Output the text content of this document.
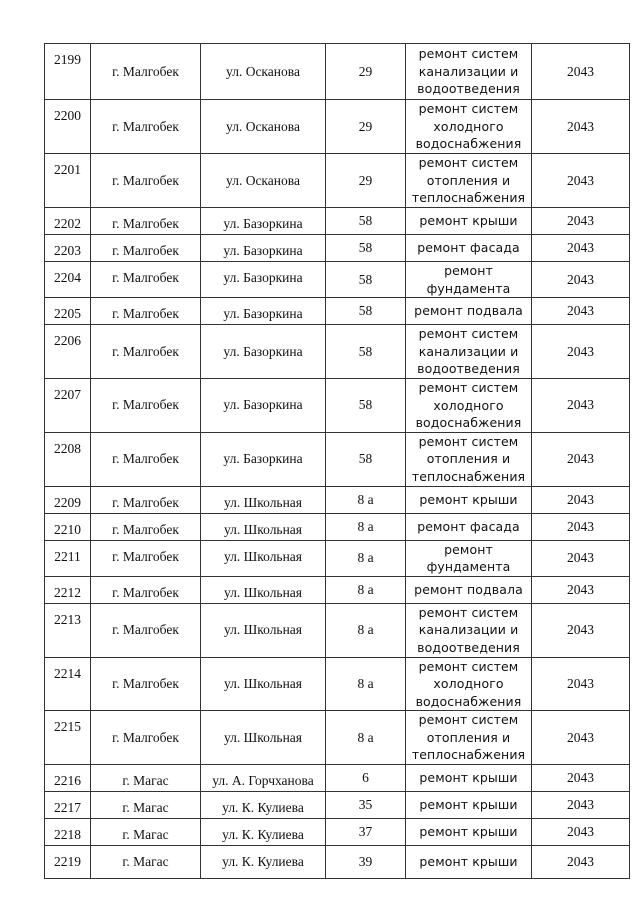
2199	г. Малгобек	ул. Осканова	29	ремонт систем канализации и водоотведения	2043
2200	г. Малгобек	ул. Осканова	29	ремонт систем холодного водоснабжения	2043
2201	г. Малгобек	ул. Осканова	29	ремонт систем отопления и теплоснабжения	2043
2202	г. Малгобек	ул. Базоркина	58	ремонт крыши	2043
2203	г. Малгобек	ул. Базоркина	58	ремонт фасада	2043
2204	г. Малгобек	ул. Базоркина	58	ремонт фундамента	2043
2205	г. Малгобек	ул. Базоркина	58	ремонт подвала	2043
2206	г. Малгобек	ул. Базоркина	58	ремонт систем канализации и водоотведения	2043
2207	г. Малгобек	ул. Базоркина	58	ремонт систем холодного водоснабжения	2043
2208	г. Малгобек	ул. Базоркина	58	ремонт систем отопления и теплоснабжения	2043
2209	г. Малгобек	ул. Школьная	8 а	ремонт крыши	2043
2210	г. Малгобек	ул. Школьная	8 а	ремонт фасада	2043
2211	г. Малгобек	ул. Школьная	8 а	ремонт фундамента	2043
2212	г. Малгобек	ул. Школьная	8 а	ремонт подвала	2043
2213	г. Малгобек	ул. Школьная	8 а	ремонт систем канализации и водоотведения	2043
2214	г. Малгобек	ул. Школьная	8 а	ремонт систем холодного водоснабжения	2043
2215	г. Малгобек	ул. Школьная	8 а	ремонт систем отопления и теплоснабжения	2043
2216	г. Магас	ул. А. Горчханова	6	ремонт крыши	2043
2217	г. Магас	ул. К. Кулиева	35	ремонт крыши	2043
2218	г. Магас	ул. К. Кулиева	37	ремонт крыши	2043
2219	г. Магас	ул. К. Кулиева	39	ремонт крыши	2043
